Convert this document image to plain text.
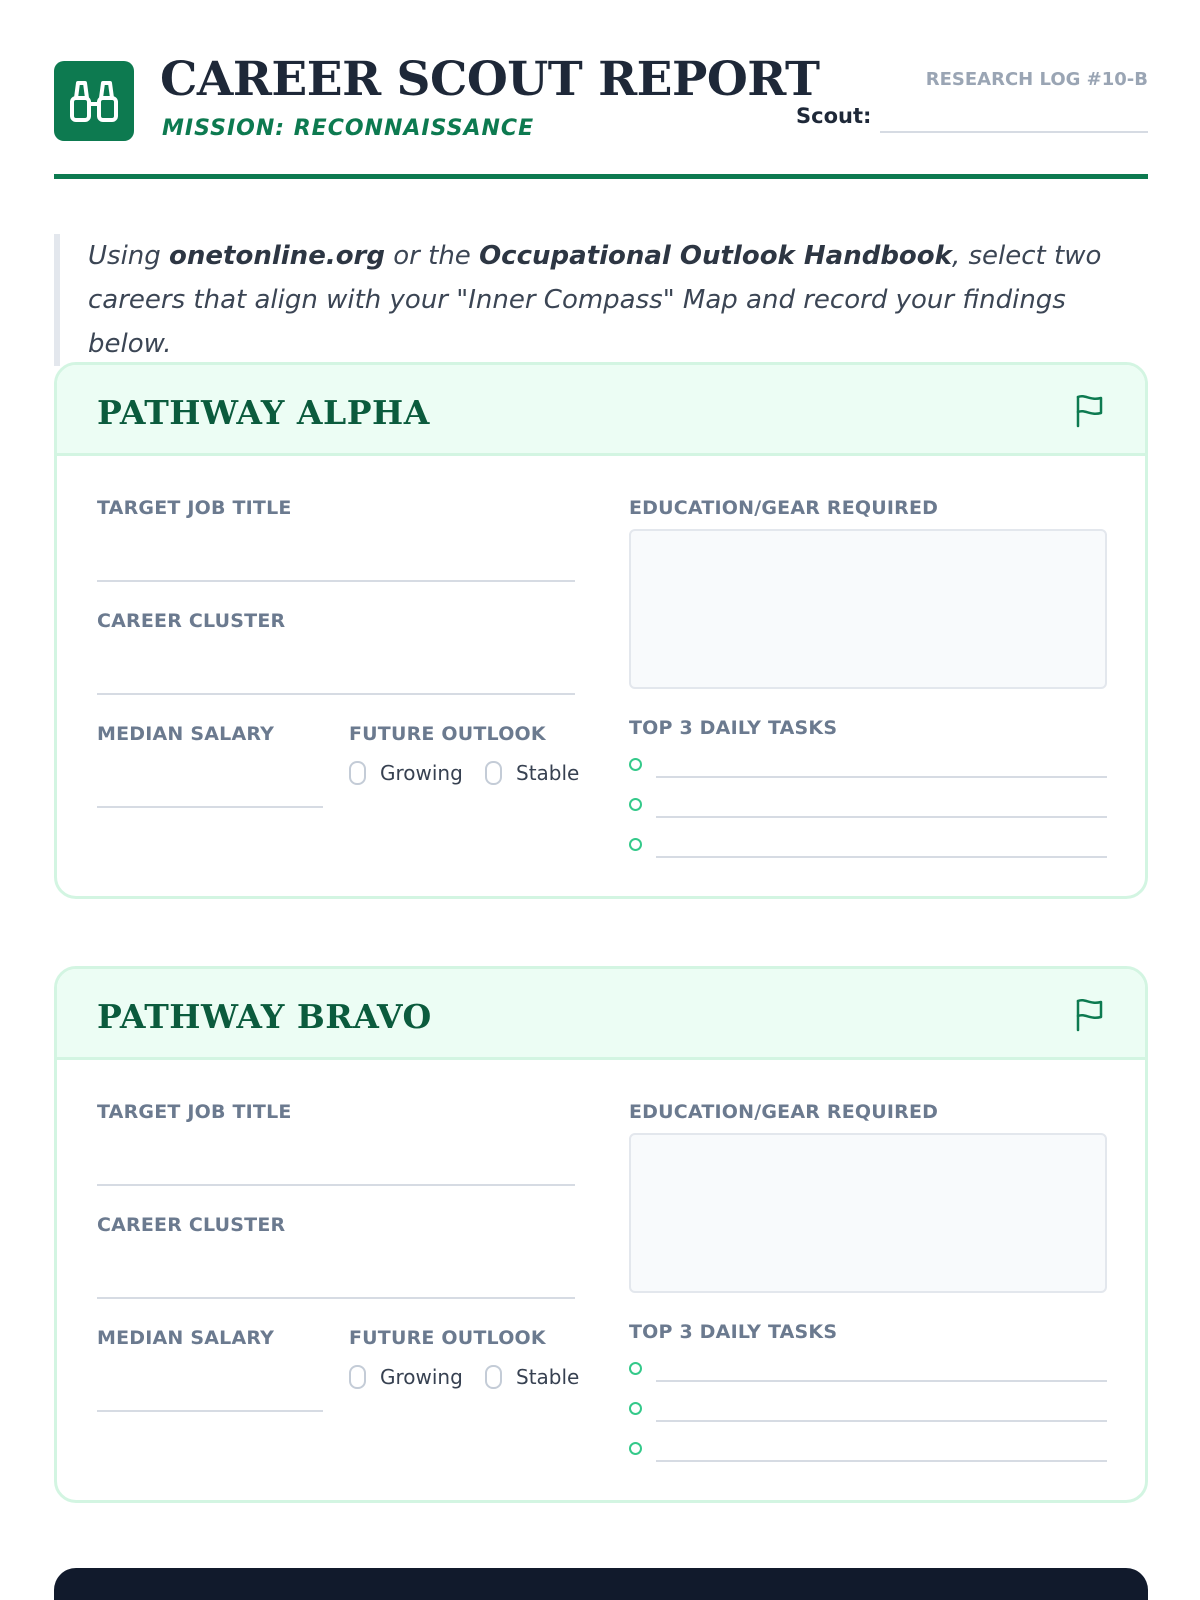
CAREER SCOUT REPORT
MISSION: RECONNAISSANCE
RESEARCH LOG #10-B
Scout:
Using onetonline.org or the Occupational Outlook Handbook, select two careers that align with your "Inner Compass" Map and record your findings below.
PATHWAY ALPHA
TARGET JOB TITLE
CAREER CLUSTER
MEDIAN SALARY	FUTURE OUTLOOK
Growing	Stable
EDUCATION/GEAR REQUIRED
TOP 3 DAILY TASKS
PATHWAY BRAVO
TARGET JOB TITLE
CAREER CLUSTER
MEDIAN SALARY	FUTURE OUTLOOK
Growing	Stable
EDUCATION/GEAR REQUIRED
TOP 3 DAILY TASKS
